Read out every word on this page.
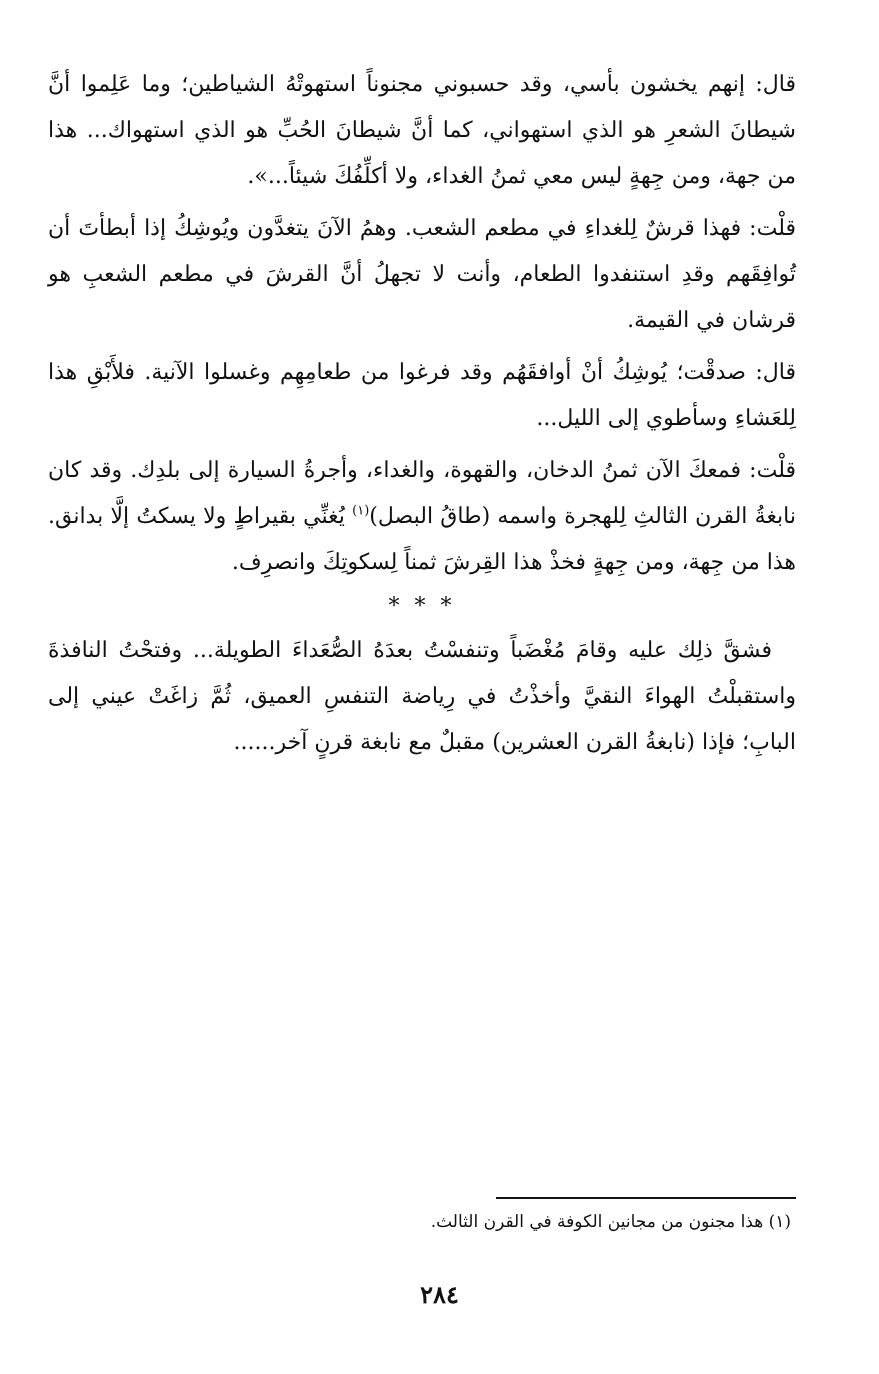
قال: إنهم يخشون بأسي، وقد حسبوني مجنوناً استهوتْهُ الشياطين؛ وما عَلِموا أنَّ شيطانَ الشعرِ هو الذي استهواني، كما أنَّ شيطانَ الحُبِّ هو الذي استهواك... هذا من جهة، ومن جِهةٍ ليس معي ثمنُ الغداء، ولا أكلِّفُكَ شيئاً...».

قلْت: فهذا قرشٌ لِلغداءِ في مطعم الشعب. وهمُ الآنَ يتغدَّون ويُوشِكُ إذا أبطأتَ أن تُوافِقَهم وقدِ استنفدوا الطعام، وأنت لا تجهلُ أنَّ القرشَ في مطعم الشعبِ هو قرشان في القيمة.

قال: صدقْت؛ يُوشِكُ أنْ أوافقَهُم وقد فرغوا من طعامِهِم وغسلوا الآنية. فلأَبْقِ هذا لِلعَشاءِ وسأطوي إلى الليل...

قلْت: فمعكَ الآن ثمنُ الدخان، والقهوة، والغداء، وأجرةُ السيارة إلى بلدِك. وقد كان نابغةُ القرن الثالثِ لِلهجرة واسمه (طاقُ البصل)$^{(١)}$ يُغنِّي بقيراطٍ ولا يسكتُ إلَّا بدانق. هذا من جِهة، ومن جِهةٍ فخذْ هذا القِرشَ ثمناً لِسكوتِكَ وانصرِف.

* * *

فشقَّ ذلِك عليه وقامَ مُغْضَباً وتنفسْتُ بعدَهُ الصُّعَداءَ الطويلة... وفتحْتُ النافذةَ واستقبلْتُ الهواءَ النقيَّ وأخذْتُ في رِياضة التنفسِ العميق، ثُمَّ زاغَتْ عيني إلى البابِ؛ فإذا (نابغةُ القرن العشرين) مقبلٌ مع نابغة قرنٍ آخر......

(١) هذا مجنون من مجانين الكوفة في القرن الثالث.
٢٨٤
